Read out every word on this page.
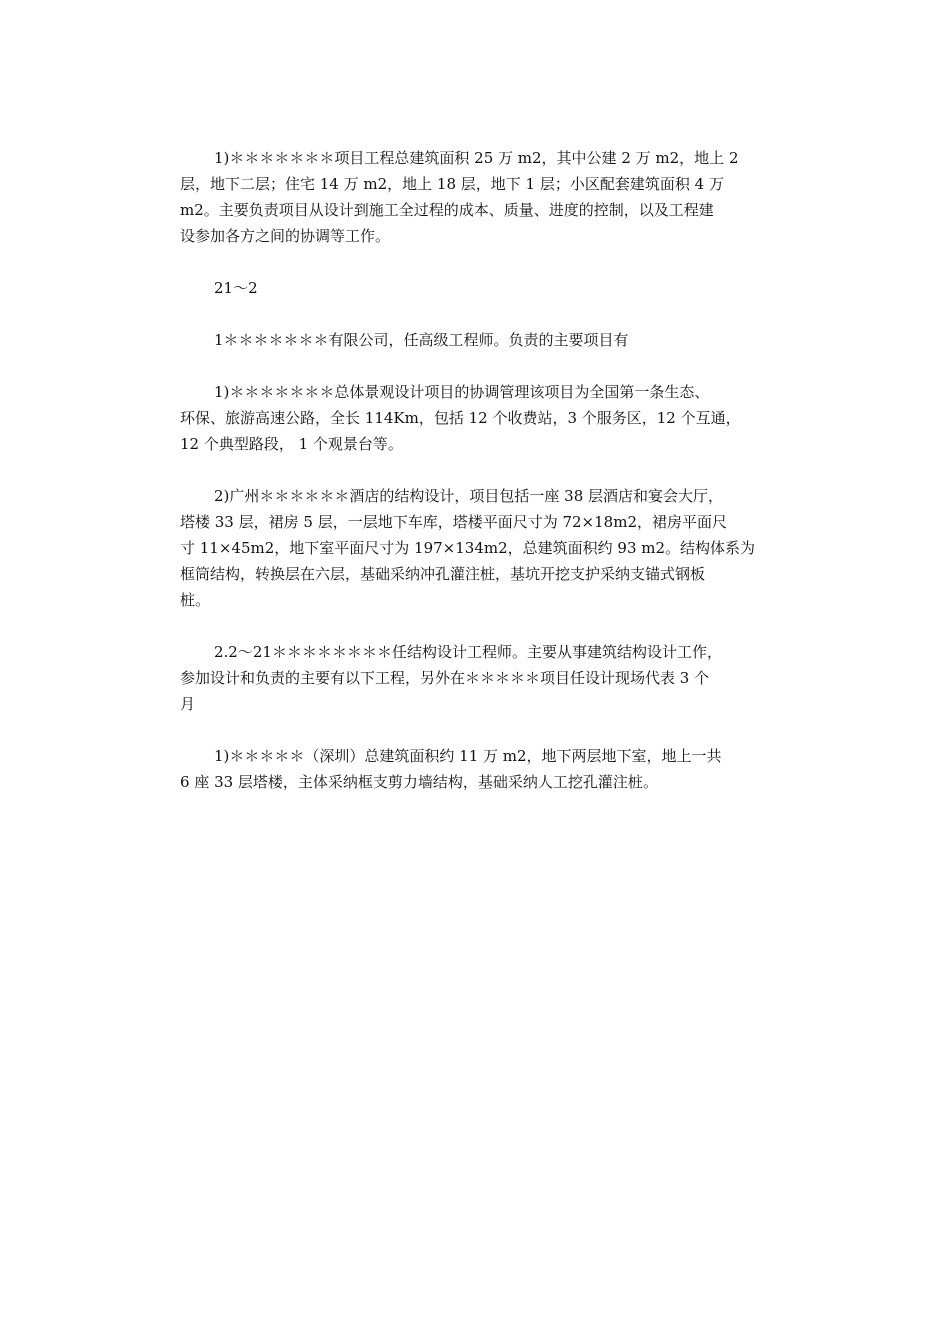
1)＊＊＊＊＊＊＊项目工程总建筑面积 25 万 m2，其中公建 2 万 m2，地上 2
层，地下二层；住宅 14 万 m2，地上 18 层，地下 1 层；小区配套建筑面积 4 万
m2。主要负责项目从设计到施工全过程的成本、质量、进度的控制，以及工程建
设参加各方之间的协调等工作。

21～2

1＊＊＊＊＊＊＊有限公司，任高级工程师。负责的主要项目有

1)＊＊＊＊＊＊＊总体景观设计项目的协调管理该项目为全国第一条生态、
环保、旅游高速公路，全长 114Km，包括 12 个收费站，3 个服务区，12 个互通，
12 个典型路段， 1 个观景台等。

2)广州＊＊＊＊＊＊酒店的结构设计，项目包括一座 38 层酒店和宴会大厅，
塔楼 33 层，裙房 5 层，一层地下车库，塔楼平面尺寸为 72×18m2，裙房平面尺
寸 11×45m2，地下室平面尺寸为 197×134m2，总建筑面积约 93 m2。结构体系为
框筒结构，转换层在六层，基础采纳冲孔灌注桩，基坑开挖支护采纳支锚式钢板
桩。

2.2～21＊＊＊＊＊＊＊＊任结构设计工程师。主要从事建筑结构设计工作，
参加设计和负责的主要有以下工程，另外在＊＊＊＊＊项目任设计现场代表 3 个
月

1)＊＊＊＊＊（深圳）总建筑面积约 11 万 m2，地下两层地下室，地上一共
6 座 33 层塔楼，主体采纳框支剪力墙结构，基础采纳人工挖孔灌注桩。
